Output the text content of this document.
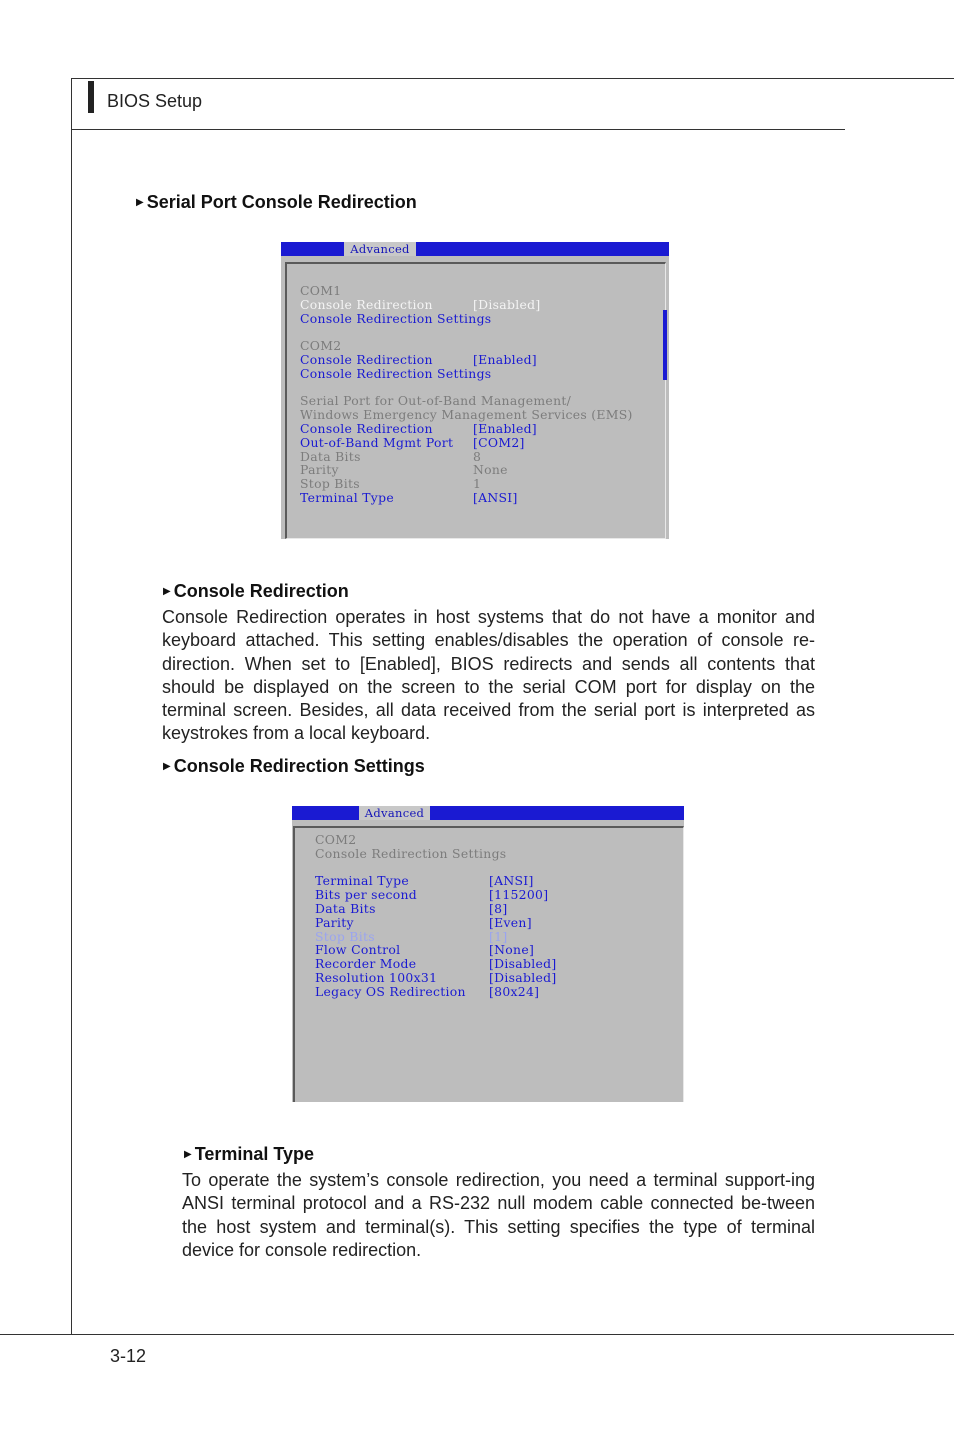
BIOS Setup
▶ Serial Port Console Redirection
Advanced
COM1
Console Redirection	[Disabled]
Console Redirection Settings
COM2
Console Redirection	[Enabled]
Console Redirection Settings
Serial Port for Out-of-Band Management/
Windows Emergency Management Services (EMS)
Console Redirection	[Enabled]
Out-of-Band Mgmt Port [COM2]
Data Bits	8
Parity	None
Stop Bits	1
Terminal Type	[ANSI]
▶ Console Redirection
Console Redirection operates in host systems that do not have a monitor and keyboard attached. This setting enables/disables the operation of console re-direction. When set to [Enabled], BIOS redirects and sends all contents that should be displayed on the screen to the serial COM port for display on the terminal screen. Besides, all data received from the serial port is interpreted as keystrokes from a local keyboard.
▶ Console Redirection Settings
Advanced
COM2
Console Redirection Settings
Terminal Type	[ANSI]
Bits per second	[115200]
Data Bits	[8]
Parity	[Even]
Stop Bits	[1]
Flow Control	[None]
Recorder Mode	[Disabled]
Resolution 100x31	[Disabled]
Legacy OS Redirection [80x24]
▶ Terminal Type
To operate the system’s console redirection, you need a terminal support-ing ANSI terminal protocol and a RS-232 null modem cable connected be-tween the host system and terminal(s). This setting specifies the type of terminal device for console redirection.
3-12
